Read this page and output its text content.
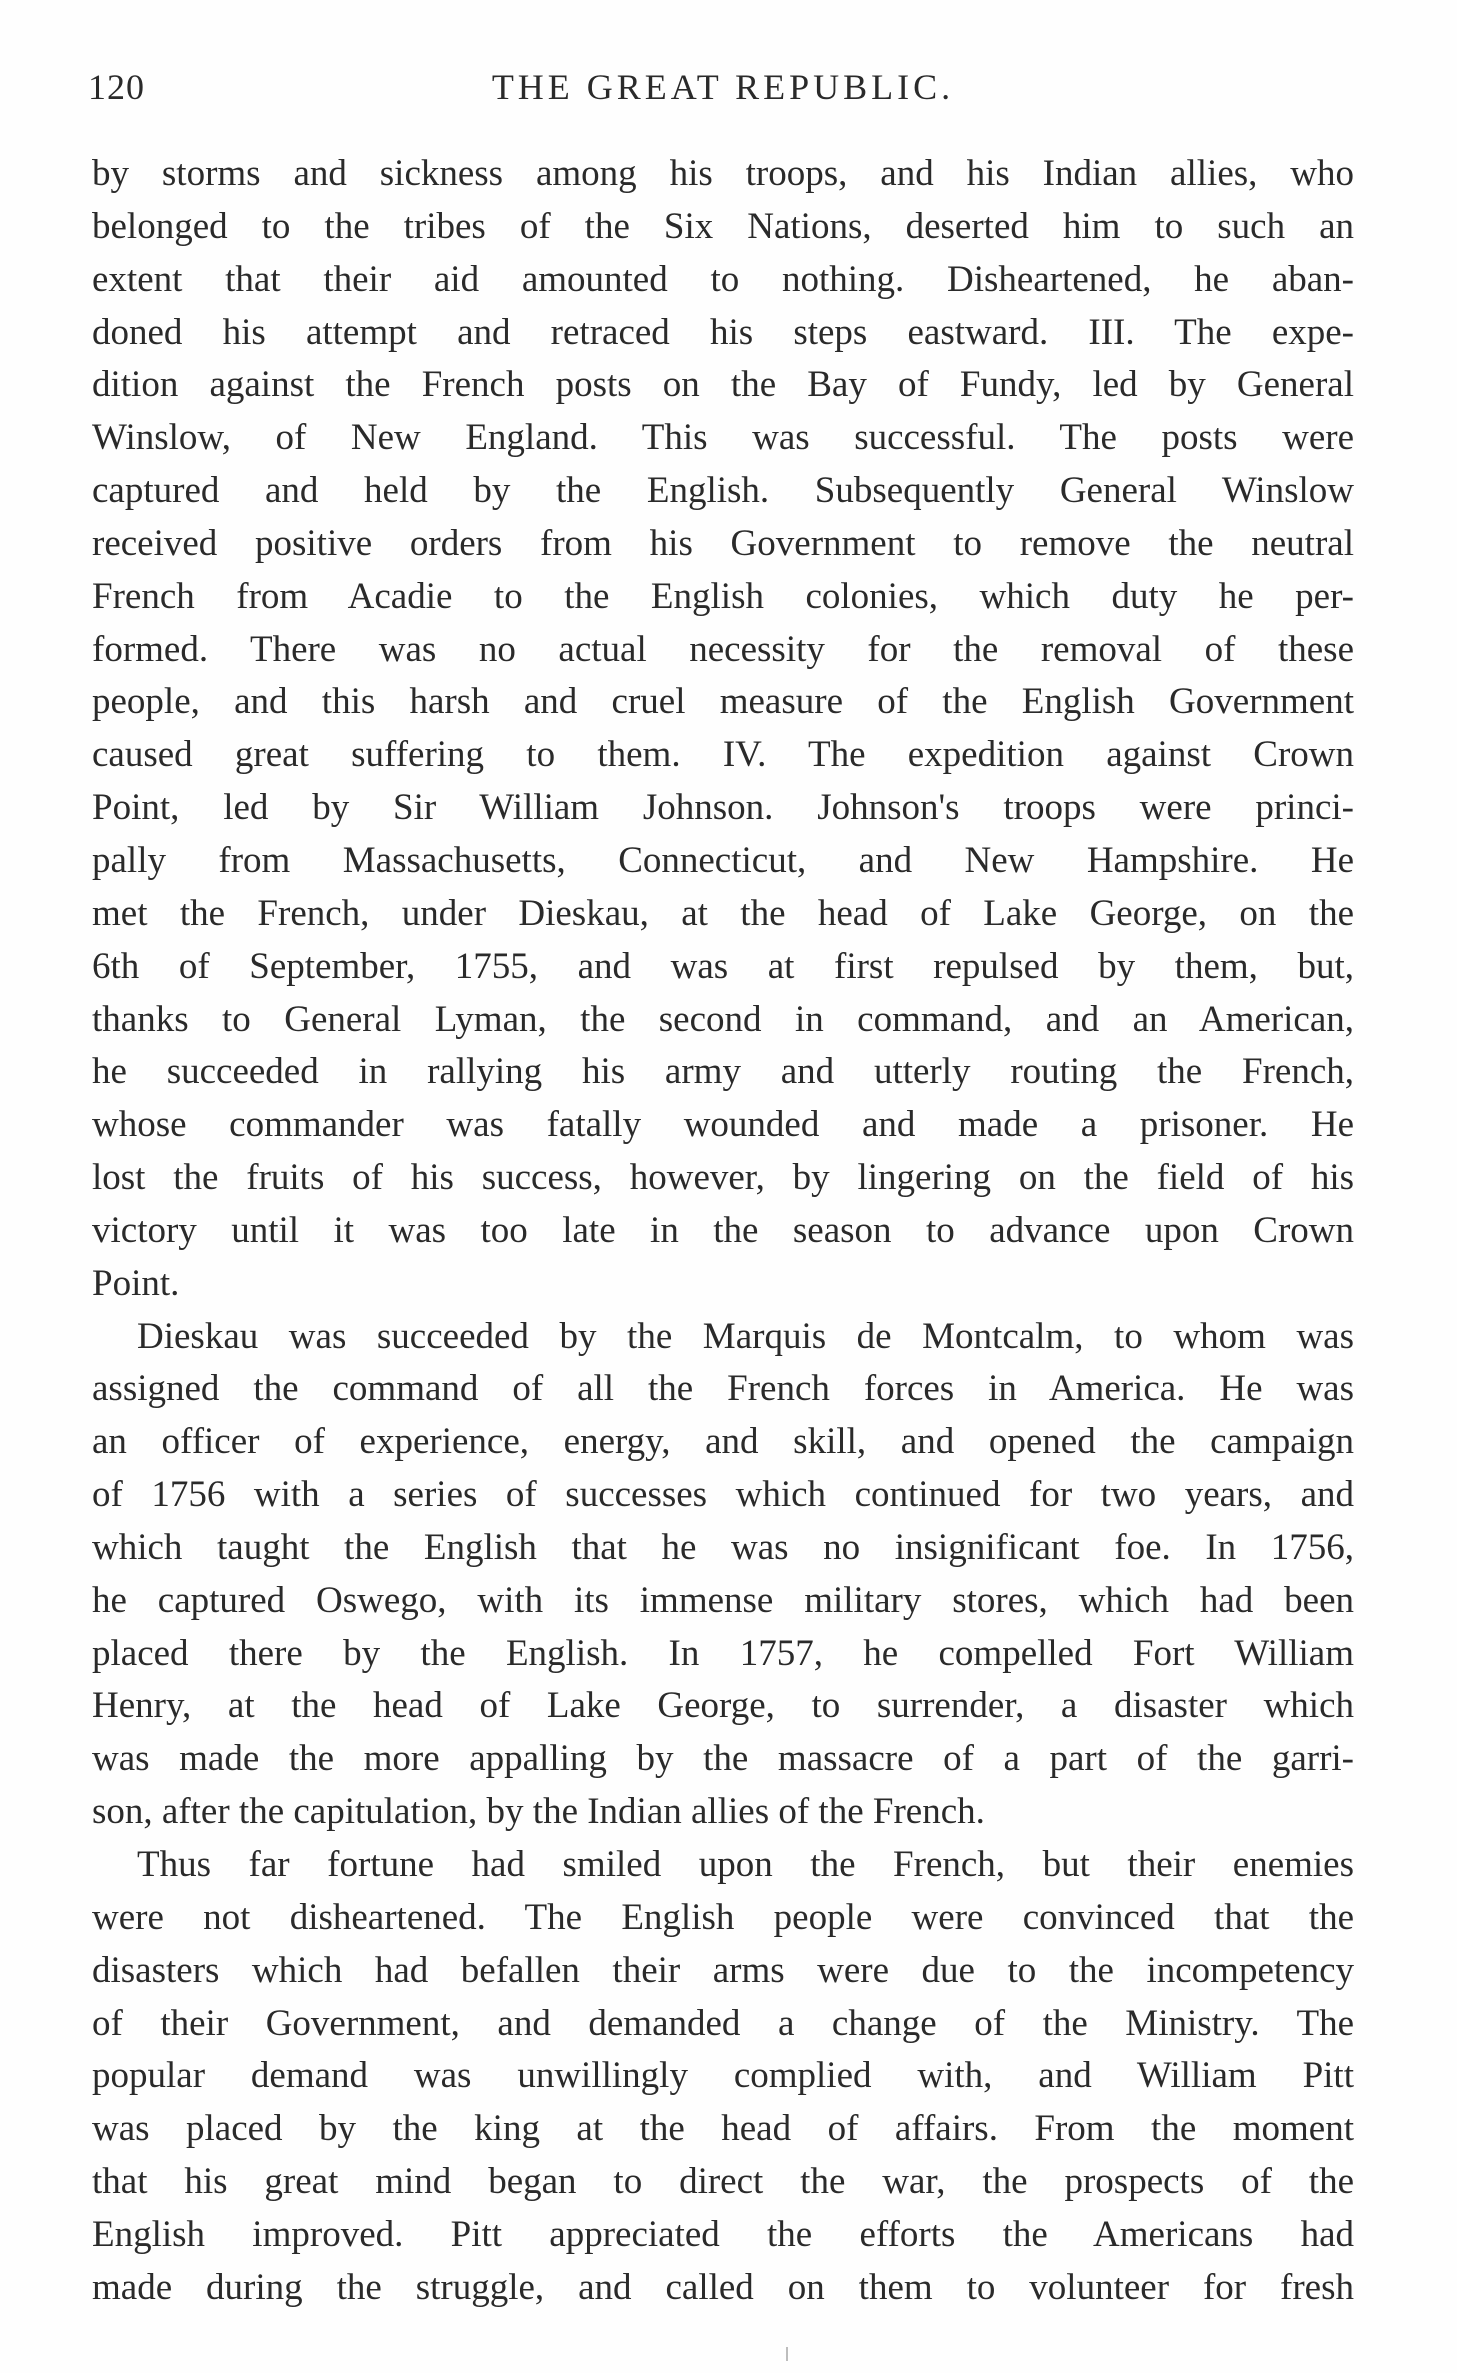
120	THE GREAT REPUBLIC.
by storms and sickness among his troops, and his Indian allies, who
belonged to the tribes of the Six Nations, deserted him to such an
extent that their aid amounted to nothing. Disheartened, he aban-
doned his attempt and retraced his steps eastward. III. The expe-
dition against the French posts on the Bay of Fundy, led by General
Winslow, of New England. This was successful. The posts were
captured and held by the English. Subsequently General Winslow
received positive orders from his Government to remove the neutral
French from Acadie to the English colonies, which duty he per-
formed. There was no actual necessity for the removal of these
people, and this harsh and cruel measure of the English Government
caused great suffering to them. IV. The expedition against Crown
Point, led by Sir William Johnson. Johnson's troops were princi-
pally from Massachusetts, Connecticut, and New Hampshire. He
met the French, under Dieskau, at the head of Lake George, on the
6th of September, 1755, and was at first repulsed by them, but,
thanks to General Lyman, the second in command, and an American,
he succeeded in rallying his army and utterly routing the French,
whose commander was fatally wounded and made a prisoner. He
lost the fruits of his success, however, by lingering on the field of his
victory until it was too late in the season to advance upon Crown
Point.
Dieskau was succeeded by the Marquis de Montcalm, to whom was
assigned the command of all the French forces in America. He was
an officer of experience, energy, and skill, and opened the campaign
of 1756 with a series of successes which continued for two years, and
which taught the English that he was no insignificant foe. In 1756,
he captured Oswego, with its immense military stores, which had been
placed there by the English. In 1757, he compelled Fort William
Henry, at the head of Lake George, to surrender, a disaster which
was made the more appalling by the massacre of a part of the garri-
son, after the capitulation, by the Indian allies of the French.
Thus far fortune had smiled upon the French, but their enemies
were not disheartened. The English people were convinced that the
disasters which had befallen their arms were due to the incompetency
of their Government, and demanded a change of the Ministry. The
popular demand was unwillingly complied with, and William Pitt
was placed by the king at the head of affairs. From the moment
that his great mind began to direct the war, the prospects of the
English improved. Pitt appreciated the efforts the Americans had
made during the struggle, and called on them to volunteer for fresh
